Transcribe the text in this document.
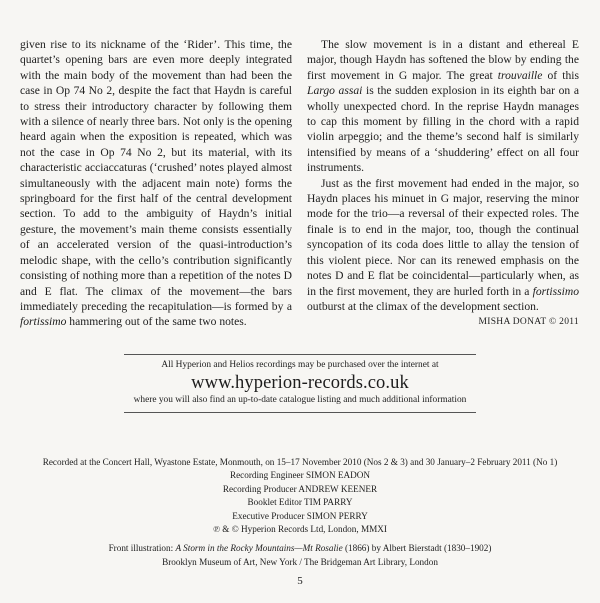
given rise to its nickname of the ‘Rider’. This time, the quartet’s opening bars are even more deeply integrated with the main body of the movement than had been the case in Op 74 No 2, despite the fact that Haydn is careful to stress their introductory character by following them with a silence of nearly three bars. Not only is the opening heard again when the exposition is repeated, which was not the case in Op 74 No 2, but its material, with its characteristic acciaccaturas (‘crushed’ notes played almost simultaneously with the adjacent main note) forms the springboard for the first half of the central development section. To add to the ambiguity of Haydn’s initial gesture, the movement’s main theme consists essentially of an accelerated version of the quasi-introduction’s melodic shape, with the cello’s contribution significantly consisting of nothing more than a repetition of the notes D and E flat. The climax of the movement—the bars immediately preceding the recapitulation—is formed by a fortissimo hammering out of the same two notes.

The slow movement is in a distant and ethereal E major, though Haydn has softened the blow by ending the first movement in G major. The great trouvaille of this Largo assai is the sudden explosion in its eighth bar on a wholly unexpected chord. In the reprise Haydn manages to cap this moment by filling in the chord with a rapid violin arpeggio; and the theme’s second half is similarly intensified by means of a ‘shuddering’ effect on all four instruments.

Just as the first movement had ended in the major, so Haydn places his minuet in G major, reserving the minor mode for the trio—a reversal of their expected roles. The finale is to end in the major, too, though the continual syncopation of its coda does little to allay the tension of this violent piece. Nor can its renewed emphasis on the notes D and E flat be coincidental—particularly when, as in the first movement, they are hurled forth in a fortissimo outburst at the climax of the development section.

MISHA DONAT © 2011
All Hyperion and Helios recordings may be purchased over the internet at
www.hyperion-records.co.uk
where you will also find an up-to-date catalogue listing and much additional information
Recorded at the Concert Hall, Wyastone Estate, Monmouth, on 15–17 November 2010 (Nos 2 & 3) and 30 January–2 February 2011 (No 1)
Recording Engineer SIMON EADON
Recording Producer ANDREW KEENER
Booklet Editor TIM PARRY
Executive Producer SIMON PERRY
℗ & © Hyperion Records Ltd, London, MMXI
Front illustration: A Storm in the Rocky Mountains—Mt Rosalie (1866) by Albert Bierstadt (1830–1902)
Brooklyn Museum of Art, New York / The Bridgeman Art Library, London
5
